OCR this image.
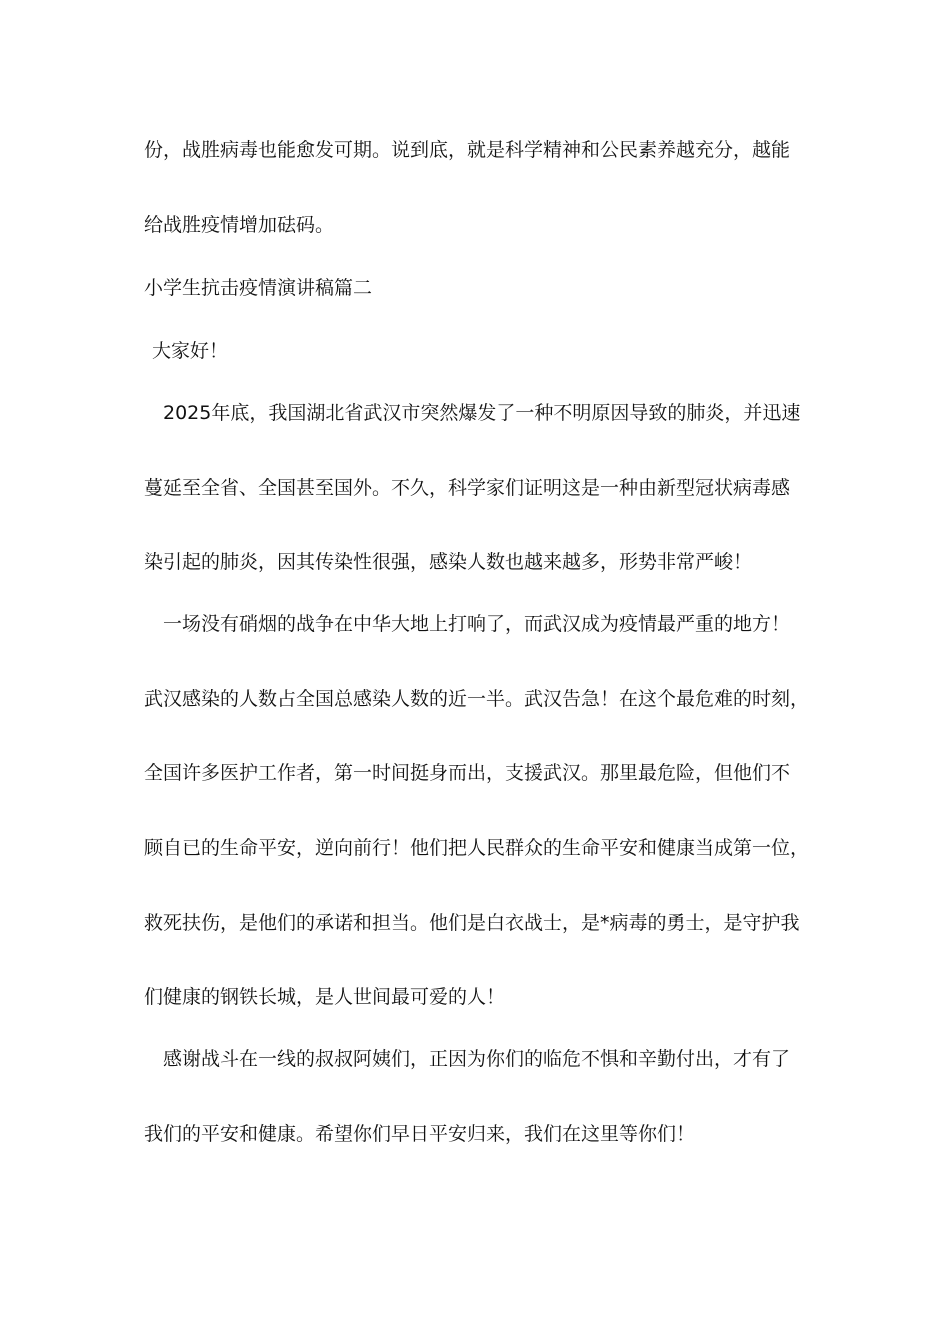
份，战胜病毒也能愈发可期。说到底，就是科学精神和公民素养越充分，越能
给战胜疫情增加砝码。
小学生抗击疫情演讲稿篇二
大家好！
2025年底，我国湖北省武汉市突然爆发了一种不明原因导致的肺炎，并迅速
蔓延至全省、全国甚至国外。不久，科学家们证明这是一种由新型冠状病毒感
染引起的肺炎，因其传染性很强，感染人数也越来越多，形势非常严峻！
一场没有硝烟的战争在中华大地上打响了，而武汉成为疫情最严重的地方！
武汉感染的人数占全国总感染人数的近一半。武汉告急！在这个最危难的时刻，
全国许多医护工作者，第一时间挺身而出，支援武汉。那里最危险，但他们不
顾自已的生命平安，逆向前行！他们把人民群众的生命平安和健康当成第一位，
救死扶伤，是他们的承诺和担当。他们是白衣战士，是*病毒的勇士，是守护我
们健康的钢铁长城，是人世间最可爱的人！
感谢战斗在一线的叔叔阿姨们，正因为你们的临危不惧和辛勤付出，才有了
我们的平安和健康。希望你们早日平安归来，我们在这里等你们！
